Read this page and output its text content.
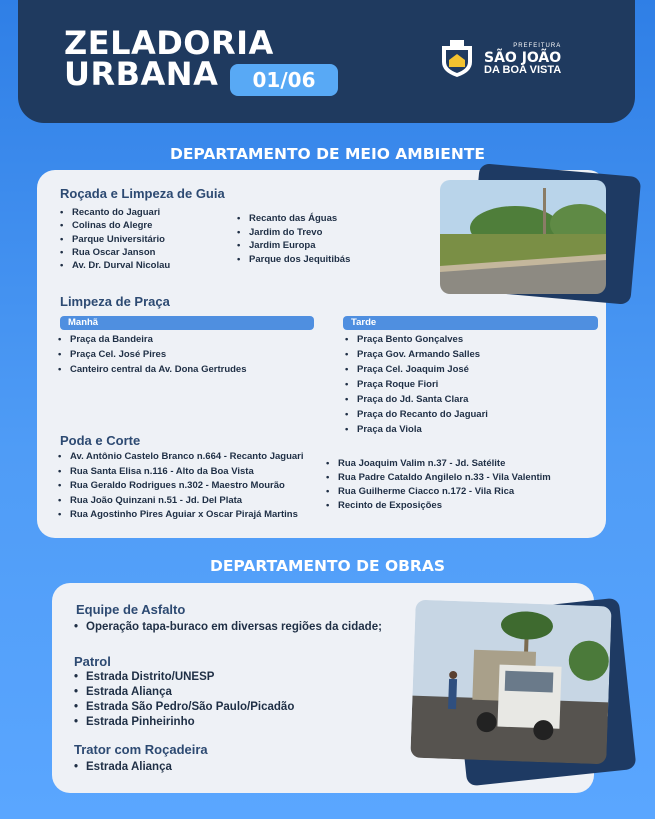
ZELADORIA
URBANA	01/06
PREFEITURA
SÃO JOÃO
DA BOA VISTA
DEPARTAMENTO DE MEIO AMBIENTE
Roçada e Limpeza de Guia
• Recanto do Jaguari
• Colinas do Alegre
• Parque Universitário
• Rua Oscar Janson
• Av. Dr. Durval Nicolau
• Recanto das Águas
• Jardim do Trevo
• Jardim Europa
• Parque dos Jequitibás
Limpeza de Praça
Manhã	Tarde
• Praça da Bandeira
• Praça Cel. José Pires
• Canteiro central da Av. Dona Gertrudes
• Praça Bento Gonçalves
• Praça Gov. Armando Salles
• Praça Cel. Joaquim José
• Praça Roque Fiori
• Praça do Jd. Santa Clara
• Praça do Recanto do Jaguari
• Praça da Viola
Poda e Corte
• Av. Antônio Castelo Branco n.664 - Recanto Jaguari
• Rua Santa Elisa n.116 - Alto da Boa Vista
• Rua Geraldo Rodrigues n.302 - Maestro Mourão
• Rua João Quinzani n.51 - Jd. Del Plata
• Rua Agostinho Pires Aguiar x Oscar Pirajá Martins
• Rua Joaquim Valim n.37 - Jd. Satélite
• Rua Padre Cataldo Angilelo n.33 - Vila Valentim
• Rua Guilherme Ciacco n.172 - Vila Rica
• Recinto de Exposições
DEPARTAMENTO DE OBRAS
Equipe de Asfalto
• Operação tapa-buraco em diversas regiões da cidade;
Patrol
• Estrada Distrito/UNESP
• Estrada Aliança
• Estrada São Pedro/São Paulo/Picadão
• Estrada Pinheirinho
Trator com Roçadeira
• Estrada Aliança
